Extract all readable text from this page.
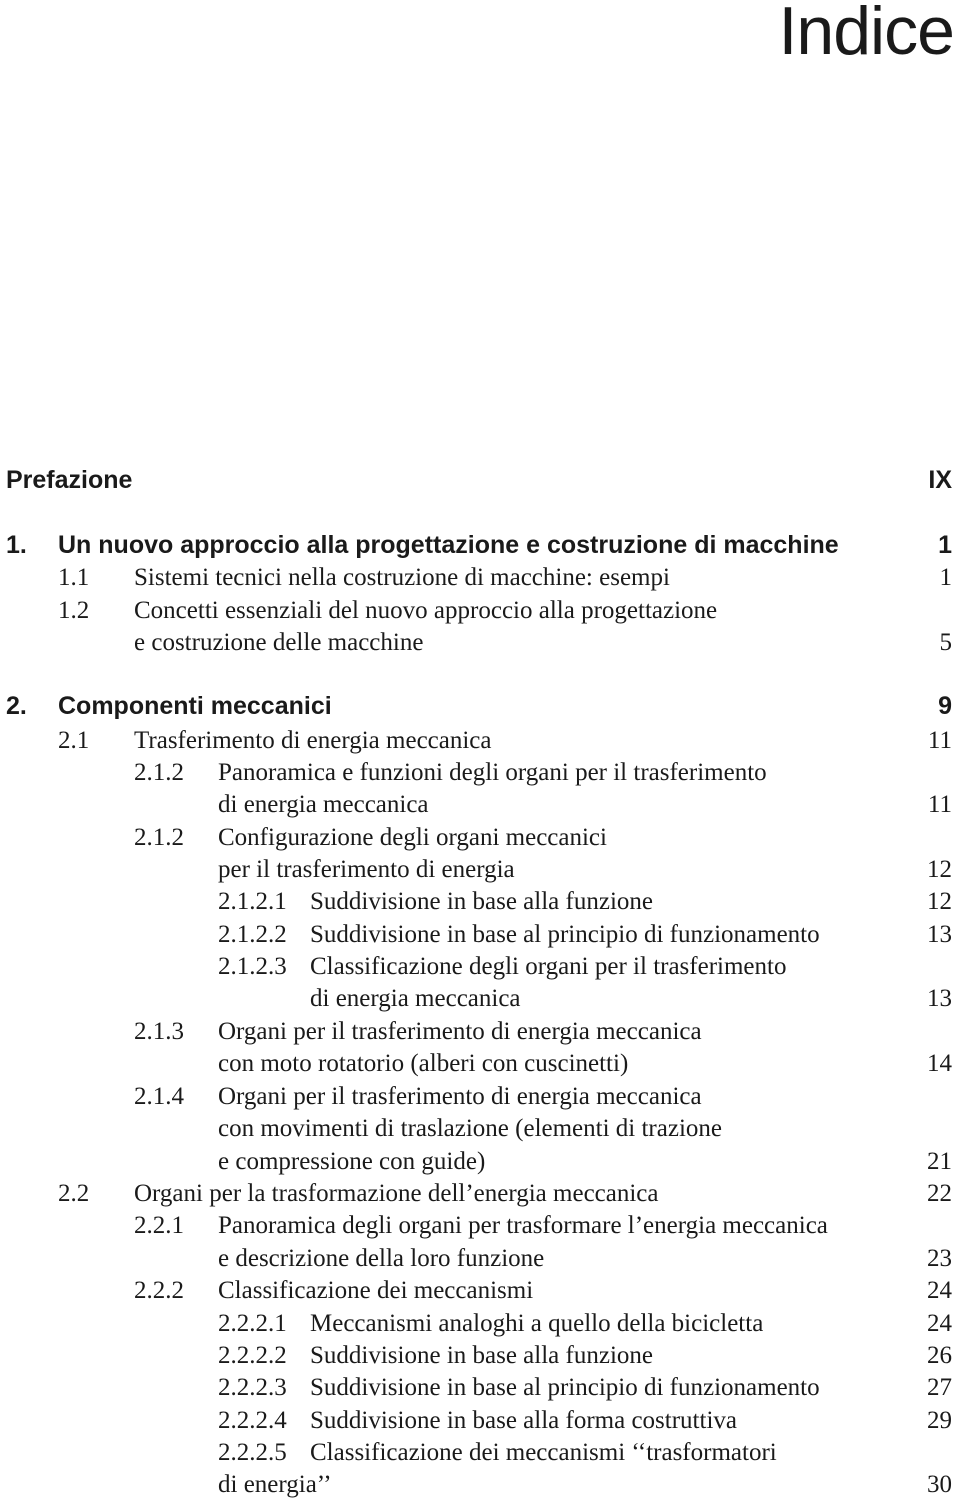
Indice
Prefazione	IX
1. Un nuovo approccio alla progettazione e costruzione di macchine	1
1.1 Sistemi tecnici nella costruzione di macchine: esempi	1
1.2 Concetti essenziali del nuovo approccio alla progettazione
e costruzione delle macchine	5
2. Componenti meccanici	9
2.1 Trasferimento di energia meccanica	11
2.1.2 Panoramica e funzioni degli organi per il trasferimento
di energia meccanica	11
2.1.2 Configurazione degli organi meccanici
per il trasferimento di energia	12
2.1.2.1 Suddivisione in base alla funzione	12
2.1.2.2 Suddivisione in base al principio di funzionamento	13
2.1.2.3 Classificazione degli organi per il trasferimento
di energia meccanica	13
2.1.3 Organi per il trasferimento di energia meccanica
con moto rotatorio (alberi con cuscinetti)	14
2.1.4 Organi per il trasferimento di energia meccanica
con movimenti di traslazione (elementi di trazione
e compressione con guide)	21
2.2 Organi per la trasformazione dell’energia meccanica	22
2.2.1 Panoramica degli organi per trasformare l’energia meccanica
e descrizione della loro funzione	23
2.2.2 Classificazione dei meccanismi	24
2.2.2.1 Meccanismi analoghi a quello della bicicletta	24
2.2.2.2 Suddivisione in base alla funzione	26
2.2.2.3 Suddivisione in base al principio di funzionamento	27
2.2.2.4 Suddivisione in base alla forma costruttiva	29
2.2.2.5 Classificazione dei meccanismi ‘‘trasformatori
di energia’’	30
